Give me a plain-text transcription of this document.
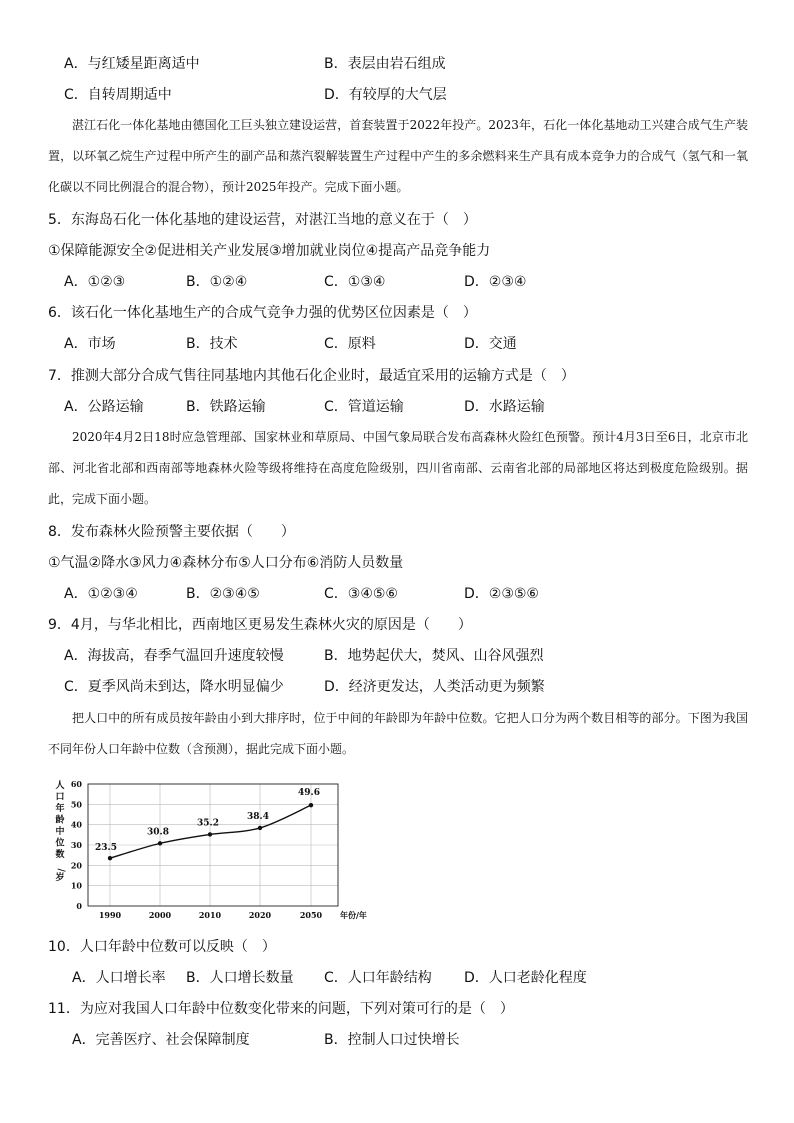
A．与红矮星距离适中	B．表层由岩石组成
C．自转周期适中	D．有较厚的大气层

湛江石化一体化基地由德国化工巨头独立建设运营，首套装置于2022年投产。2023年，石化一体化基地动工兴建合成气生产装置，以环氧乙烷生产过程中所产生的副产品和蒸汽裂解装置生产过程中产生的多余燃料来生产具有成本竞争力的合成气（氢气和一氧化碳以不同比例混合的混合物），预计2025年投产。完成下面小题。

5．东海岛石化一体化基地的建设运营，对湛江当地的意义在于（　）
①保障能源安全②促进相关产业发展③增加就业岗位④提高产品竞争能力
A．①②③	B．①②④	C．①③④	D．②③④
6．该石化一体化基地生产的合成气竞争力强的优势区位因素是（　）
A．市场	B．技术	C．原料	D．交通
7．推测大部分合成气售往同基地内其他石化企业时，最适宜采用的运输方式是（　）
A．公路运输	B．铁路运输	C．管道运输	D．水路运输

2020年4月2日18时应急管理部、国家林业和草原局、中国气象局联合发布高森林火险红色预警。预计4月3日至6日，北京市北部、河北省北部和西南部等地森林火险等级将维持在高度危险级别，四川省南部、云南省北部的局部地区将达到极度危险级别。据此，完成下面小题。

8．发布森林火险预警主要依据（　　）
①气温②降水③风力④森林分布⑤人口分布⑥消防人员数量
A．①②③④	B．②③④⑤	C．③④⑤⑥	D．②③⑤⑥
9．4月，与华北相比，西南地区更易发生森林火灾的原因是（　　）
A．海拔高，春季气温回升速度较慢	B．地势起伏大，焚风、山谷风强烈
C．夏季风尚未到达，降水明显偏少	D．经济更发达，人类活动更为频繁

把人口中的所有成员按年龄由小到大排序时，位于中间的年龄即为年龄中位数。它把人口分为两个数目相等的部分。下图为我国不同年份人口年龄中位数（含预测），据此完成下面小题。

0
10
20
30
40
50
60
1990	2000	2010	2020	2050 年份/年
人口年龄中位数/岁
23.5
30.8
35.2
38.4
49.6
10．人口年龄中位数可以反映（　）
A．人口增长率 B．人口增长数量 C．人口年龄结构 D．人口老龄化程度
11．为应对我国人口年龄中位数变化带来的问题，下列对策可行的是（　）
A．完善医疗、社会保障制度	B．控制人口过快增长
